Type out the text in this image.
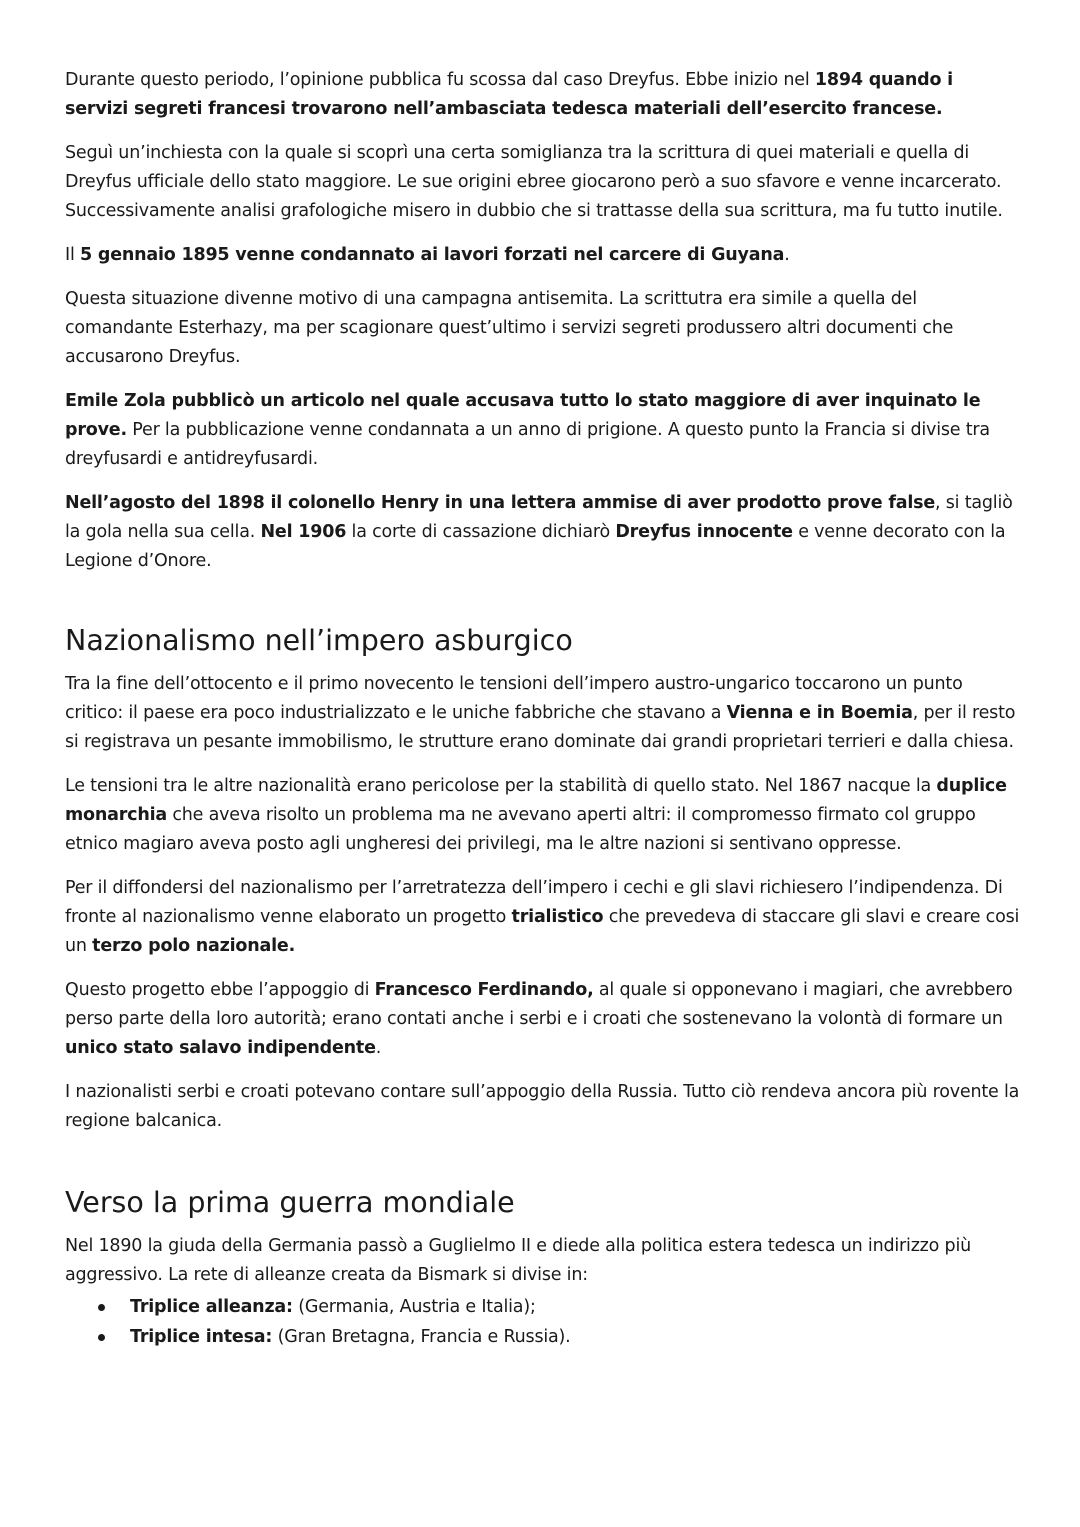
Durante questo periodo, l’opinione pubblica fu scossa dal caso Dreyfus. Ebbe inizio nel 1894 quando i servizi segreti francesi trovarono nell’ambasciata tedesca materiali dell’esercito francese.

Seguì un’inchiesta con la quale si scoprì una certa somiglianza tra la scrittura di quei materiali e quella di Dreyfus ufficiale dello stato maggiore. Le sue origini ebree giocarono però a suo sfavore e venne incarcerato. Successivamente analisi grafologiche misero in dubbio che si trattasse della sua scrittura, ma fu tutto inutile.

Il 5 gennaio 1895 venne condannato ai lavori forzati nel carcere di Guyana.

Questa situazione divenne motivo di una campagna antisemita. La scrittutra era simile a quella del comandante Esterhazy, ma per scagionare quest’ultimo i servizi segreti produssero altri documenti che accusarono Dreyfus.

Emile Zola pubblicò un articolo nel quale accusava tutto lo stato maggiore di aver inquinato le prove. Per la pubblicazione venne condannata a un anno di prigione. A questo punto la Francia si divise tra dreyfusardi e antidreyfusardi.

Nell’agosto del 1898 il colonello Henry in una lettera ammise di aver prodotto prove false, si tagliò la gola nella sua cella. Nel 1906 la corte di cassazione dichiarò Dreyfus innocente e venne decorato con la Legione d’Onore.

Nazionalismo nell’impero asburgico

Tra la fine dell’ottocento e il primo novecento le tensioni dell’impero austro-ungarico toccarono un punto critico: il paese era poco industrializzato e le uniche fabbriche che stavano a Vienna e in Boemia, per il resto si registrava un pesante immobilismo, le strutture erano dominate dai grandi proprietari terrieri e dalla chiesa.

Le tensioni tra le altre nazionalità erano pericolose per la stabilità di quello stato. Nel 1867 nacque la duplice monarchia che aveva risolto un problema ma ne avevano aperti altri: il compromesso firmato col gruppo etnico magiaro aveva posto agli ungheresi dei privilegi, ma le altre nazioni si sentivano oppresse.

Per il diffondersi del nazionalismo per l’arretratezza dell’impero i cechi e gli slavi richiesero l’indipendenza. Di fronte al nazionalismo venne elaborato un progetto trialistico che prevedeva di staccare gli slavi e creare cosi un terzo polo nazionale.

Questo progetto ebbe l’appoggio di Francesco Ferdinando, al quale si opponevano i magiari, che avrebbero perso parte della loro autorità; erano contati anche i serbi e i croati che sostenevano la volontà di formare un unico stato salavo indipendente.

I nazionalisti serbi e croati potevano contare sull’appoggio della Russia. Tutto ciò rendeva ancora più rovente la regione balcanica.

Verso la prima guerra mondiale

Nel 1890 la giuda della Germania passò a Guglielmo II e diede alla politica estera tedesca un indirizzo più aggressivo. La rete di alleanze creata da Bismark si divise in:

Triplice alleanza: (Germania, Austria e Italia);
Triplice intesa: (Gran Bretagna, Francia e Russia).
